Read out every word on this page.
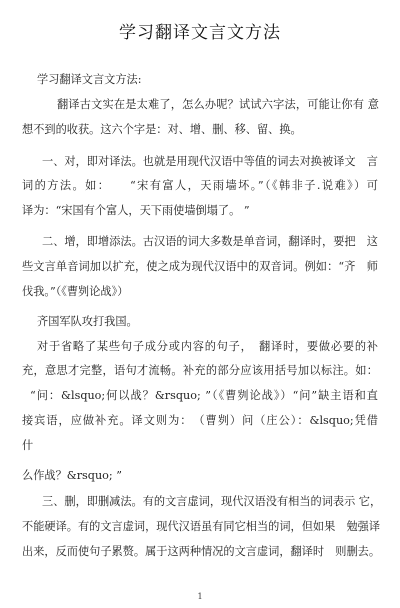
学习翻译文言文方法
学习翻译文言文方法:
翻译古文实在是太难了，怎么办呢？试试六字法，可能让你有 意
想不到的收获。这六个字是：对、增、删、移、留、换。
一、对，即对译法。也就是用现代汉语中等值的词去对换被译文　言
词的方法。如：　　“宋有富人，天雨墙坏。”（《韩非子.说难》）可
译为：“宋国有个富人，天下雨使墙倒塌了。 ”
二、增，即增添法。古汉语的词大多数是单音词，翻译时，要把　这
些文言单音词加以扩充，使之成为现代汉语中的双音词。例如：“齐　师
伐我。”（《曹刿论战》）
齐国军队攻打我国。
对于省略了某些句子成分或内容的句子，　翻译时，要做必要的补
充，意思才完整，语句才流畅。补充的部分应该用括号加以标注。如：
“问：&lsquo;何以战？&rsquo; ”（《曹刿论战》）“问”缺主语和直
接宾语，应做补充。译文则为：　（曹刿）问（庄公）：&lsquo;凭借
什
么作战？&rsquo; ”
三、删，即删减法。有的文言虚词，现代汉语没有相当的词表示 它，
不能硬译。有的文言虚词，现代汉语虽有同它相当的词，但如果　勉强译
出来，反而使句子累赘。属于这两种情况的文言虚词，翻译时　则删去。
1
